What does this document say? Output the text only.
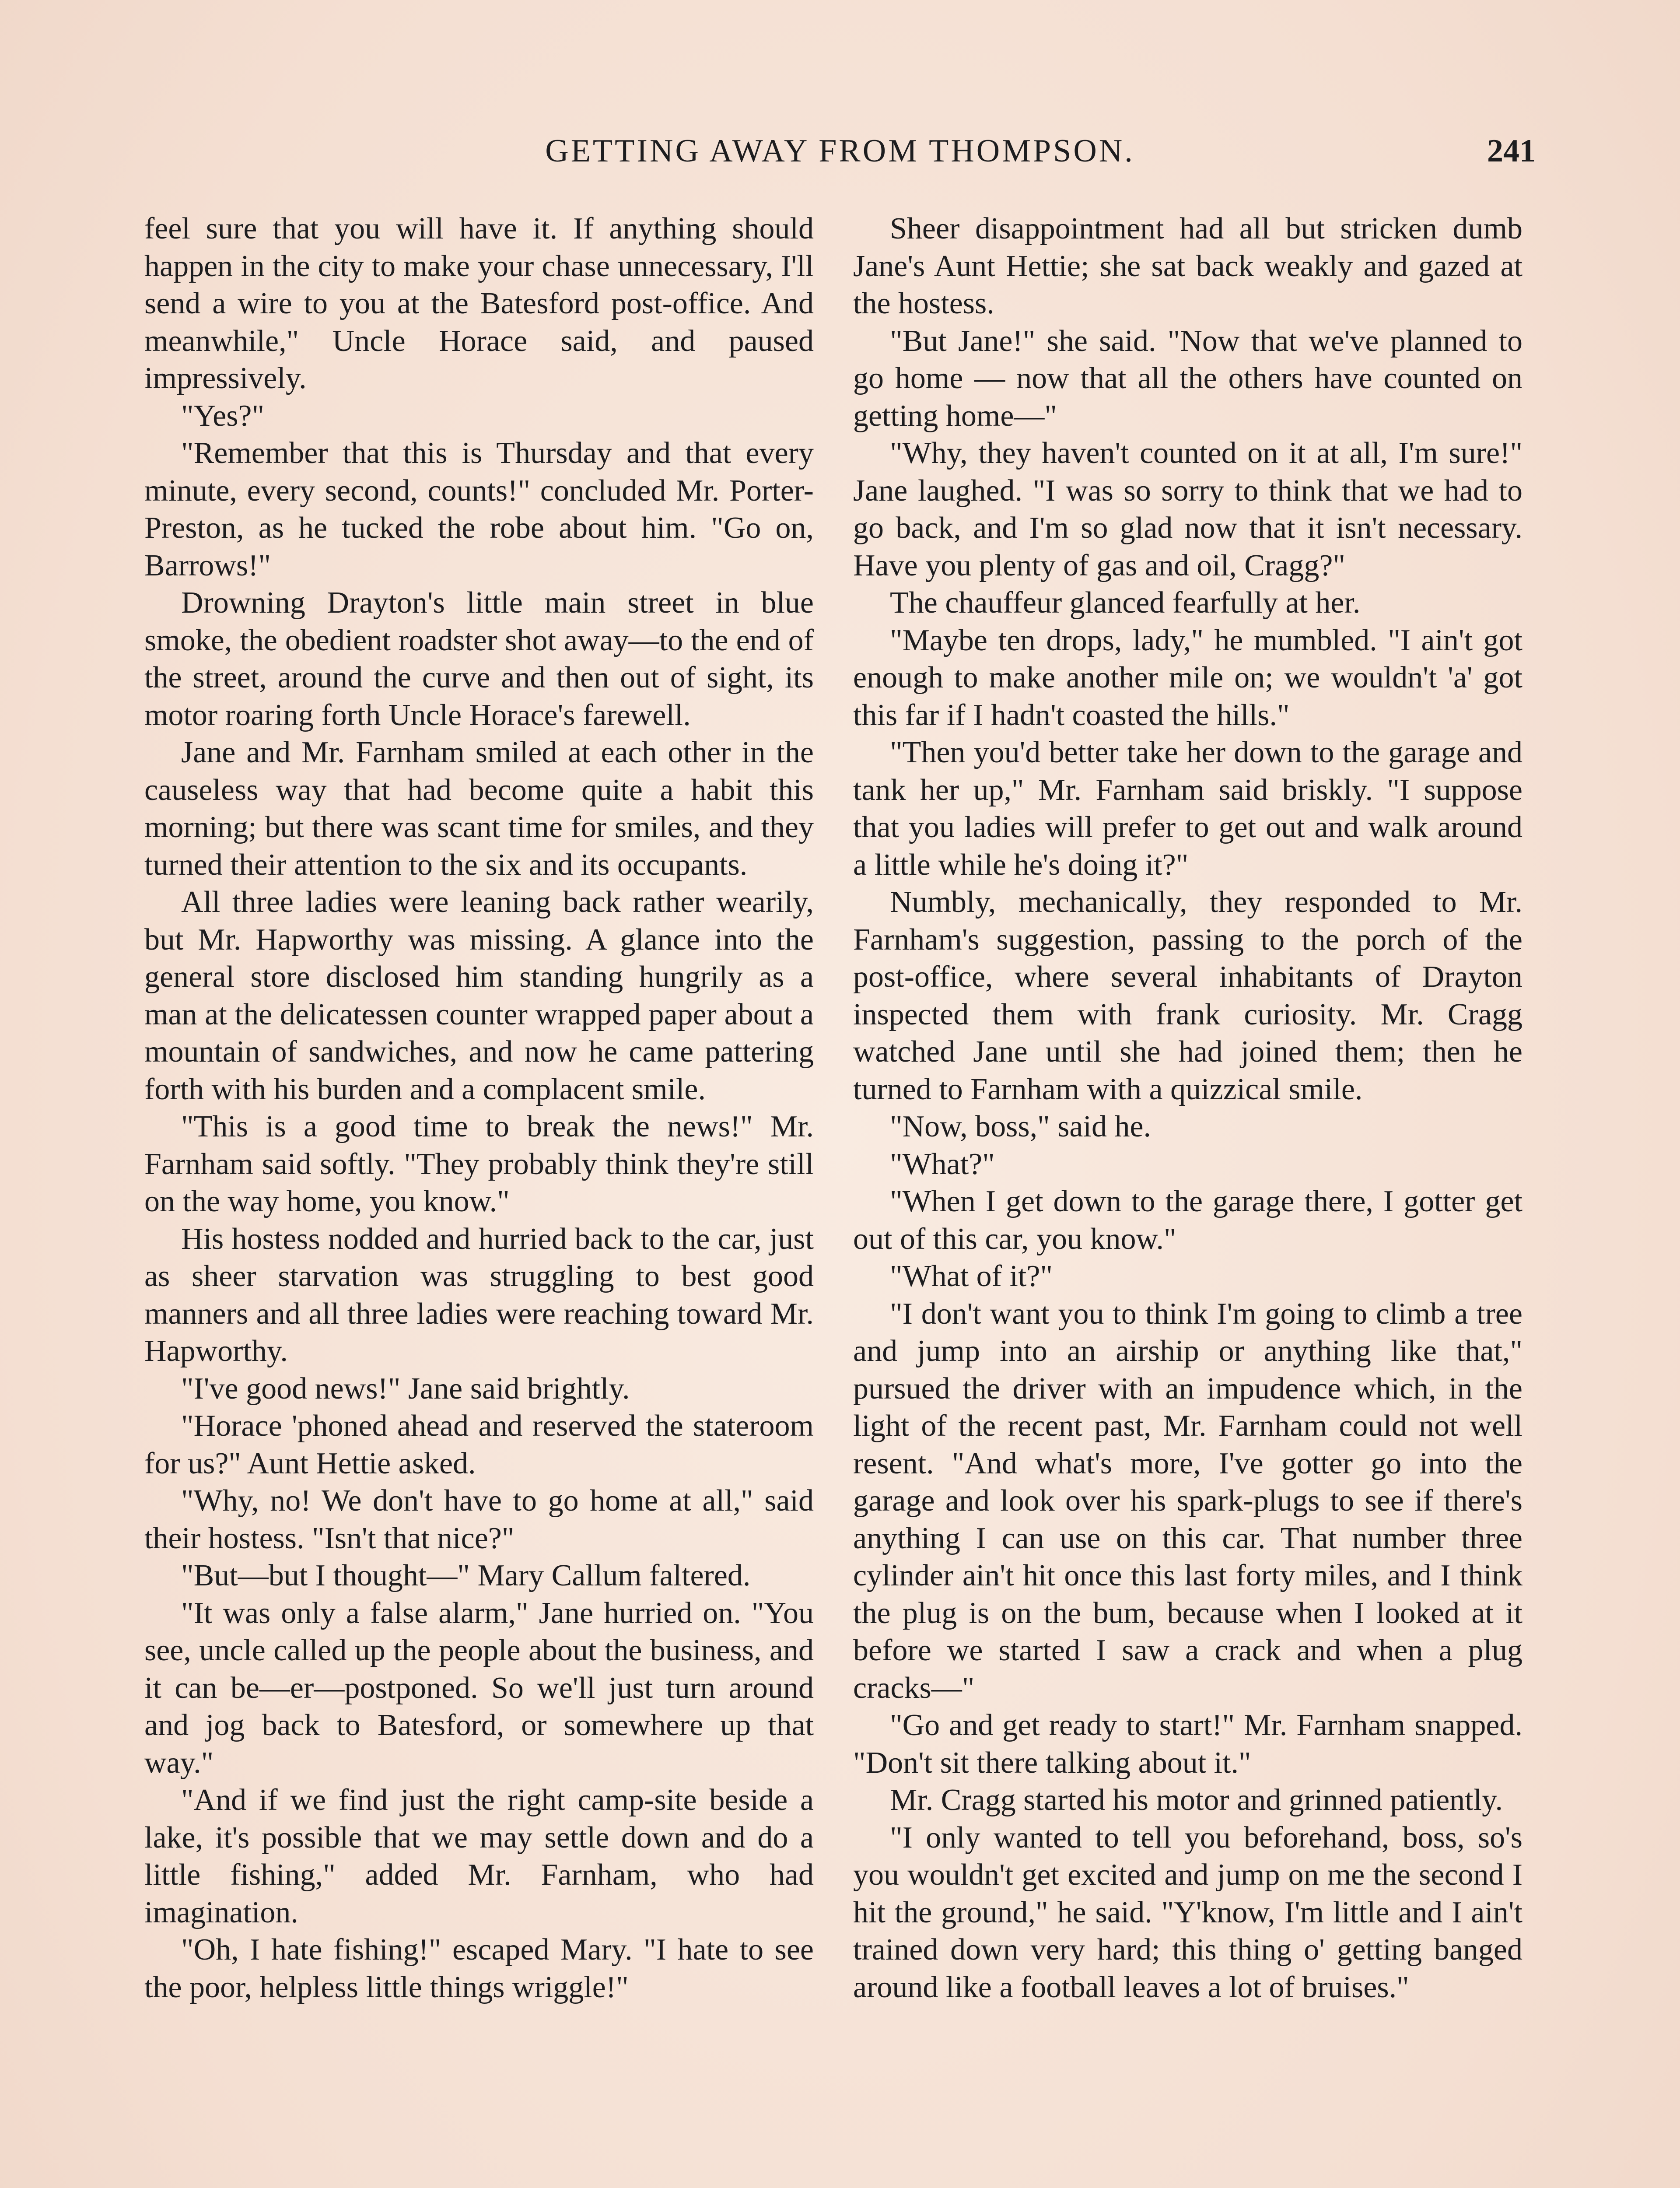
GETTING AWAY FROM THOMPSON.	241

feel sure that you will have it. If anything should happen in the city to make your chase unnecessary, I'll send a wire to you at the Batesford post-office. And meanwhile," Uncle Horace said, and paused impressively.

"Yes?"

"Remember that this is Thursday and that every minute, every second, counts!" concluded Mr. Porter-Preston, as he tucked the robe about him. "Go on, Barrows!"

Drowning Drayton's little main street in blue smoke, the obedient roadster shot away—to the end of the street, around the curve and then out of sight, its motor roaring forth Uncle Horace's farewell.

Jane and Mr. Farnham smiled at each other in the causeless way that had become quite a habit this morning; but there was scant time for smiles, and they turned their attention to the six and its occupants.

All three ladies were leaning back rather wearily, but Mr. Hapworthy was missing. A glance into the general store disclosed him standing hungrily as a man at the delicatessen counter wrapped paper about a mountain of sandwiches, and now he came pattering forth with his burden and a complacent smile.

"This is a good time to break the news!" Mr. Farnham said softly. "They probably think they're still on the way home, you know."

His hostess nodded and hurried back to the car, just as sheer starvation was struggling to best good manners and all three ladies were reaching toward Mr. Hapworthy.

"I've good news!" Jane said brightly.

"Horace 'phoned ahead and reserved the stateroom for us?" Aunt Hettie asked.

"Why, no! We don't have to go home at all," said their hostess. "Isn't that nice?"

"But—but I thought—" Mary Callum faltered.

"It was only a false alarm," Jane hurried on. "You see, uncle called up the people about the business, and it can be—er—postponed. So we'll just turn around and jog back to Batesford, or somewhere up that way."

"And if we find just the right camp-site beside a lake, it's possible that we may settle down and do a little fishing," added Mr. Farnham, who had imagination.

"Oh, I hate fishing!" escaped Mary. "I hate to see the poor, helpless little things wriggle!"

Sheer disappointment had all but stricken dumb Jane's Aunt Hettie; she sat back weakly and gazed at the hostess.

"But Jane!" she said. "Now that we've planned to go home — now that all the others have counted on getting home—"

"Why, they haven't counted on it at all, I'm sure!" Jane laughed. "I was so sorry to think that we had to go back, and I'm so glad now that it isn't necessary. Have you plenty of gas and oil, Cragg?"

The chauffeur glanced fearfully at her.

"Maybe ten drops, lady," he mumbled. "I ain't got enough to make another mile on; we wouldn't 'a' got this far if I hadn't coasted the hills."

"Then you'd better take her down to the garage and tank her up," Mr. Farnham said briskly. "I suppose that you ladies will prefer to get out and walk around a little while he's doing it?"

Numbly, mechanically, they responded to Mr. Farnham's suggestion, passing to the porch of the post-office, where several inhabitants of Drayton inspected them with frank curiosity. Mr. Cragg watched Jane until she had joined them; then he turned to Farnham with a quizzical smile.

"Now, boss," said he.

"What?"

"When I get down to the garage there, I gotter get out of this car, you know."

"What of it?"

"I don't want you to think I'm going to climb a tree and jump into an airship or anything like that," pursued the driver with an impudence which, in the light of the recent past, Mr. Farnham could not well resent. "And what's more, I've gotter go into the garage and look over his spark-plugs to see if there's anything I can use on this car. That number three cylinder ain't hit once this last forty miles, and I think the plug is on the bum, because when I looked at it before we started I saw a crack and when a plug cracks—"

"Go and get ready to start!" Mr. Farnham snapped. "Don't sit there talking about it."

Mr. Cragg started his motor and grinned patiently.

"I only wanted to tell you beforehand, boss, so's you wouldn't get excited and jump on me the second I hit the ground," he said. "Y'know, I'm little and I ain't trained down very hard; this thing o' getting banged around like a football leaves a lot of bruises."
